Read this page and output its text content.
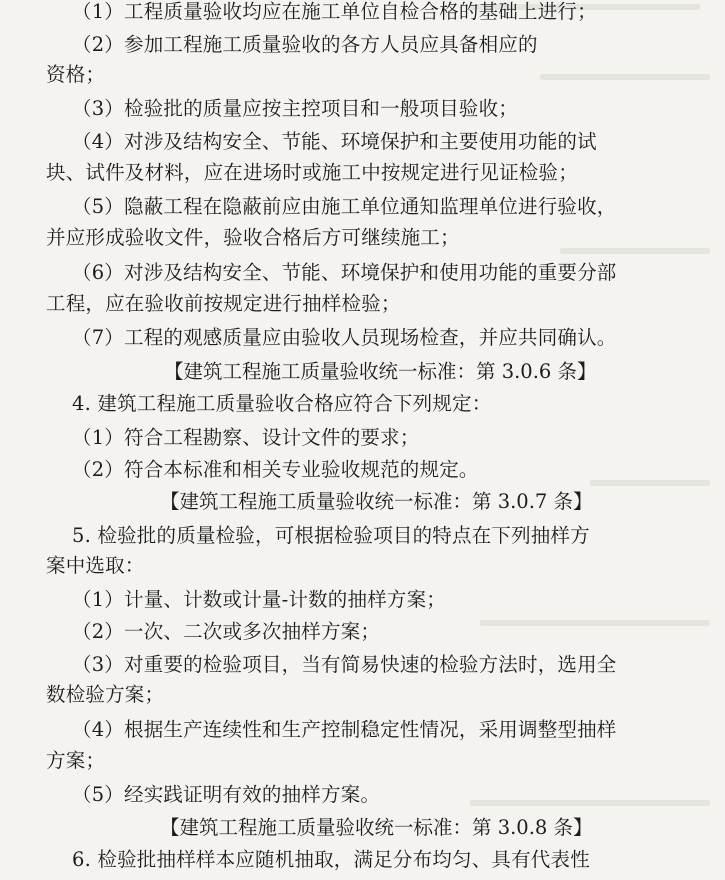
（1）工程质量验收均应在施工单位自检合格的基础上进行；
（2）参加工程施工质量验收的各方人员应具备相应的
资格；
（3）检验批的质量应按主控项目和一般项目验收；
（4）对涉及结构安全、节能、环境保护和主要使用功能的试
块、试件及材料，应在进场时或施工中按规定进行见证检验；
（5）隐蔽工程在隐蔽前应由施工单位通知监理单位进行验收，
并应形成验收文件，验收合格后方可继续施工；
（6）对涉及结构安全、节能、环境保护和使用功能的重要分部
工程，应在验收前按规定进行抽样检验；
（7）工程的观感质量应由验收人员现场检查，并应共同确认。
【建筑工程施工质量验收统一标准：第 3.0.6 条】
4. 建筑工程施工质量验收合格应符合下列规定：
（1）符合工程勘察、设计文件的要求；
（2）符合本标准和相关专业验收规范的规定。
【建筑工程施工质量验收统一标准：第 3.0.7 条】
5. 检验批的质量检验，可根据检验项目的特点在下列抽样方
案中选取：
（1）计量、计数或计量-计数的抽样方案；
（2）一次、二次或多次抽样方案；
（3）对重要的检验项目，当有简易快速的检验方法时，选用全
数检验方案；
（4）根据生产连续性和生产控制稳定性情况，采用调整型抽样
方案；
（5）经实践证明有效的抽样方案。
【建筑工程施工质量验收统一标准：第 3.0.8 条】
6. 检验批抽样样本应随机抽取，满足分布均匀、具有代表性
